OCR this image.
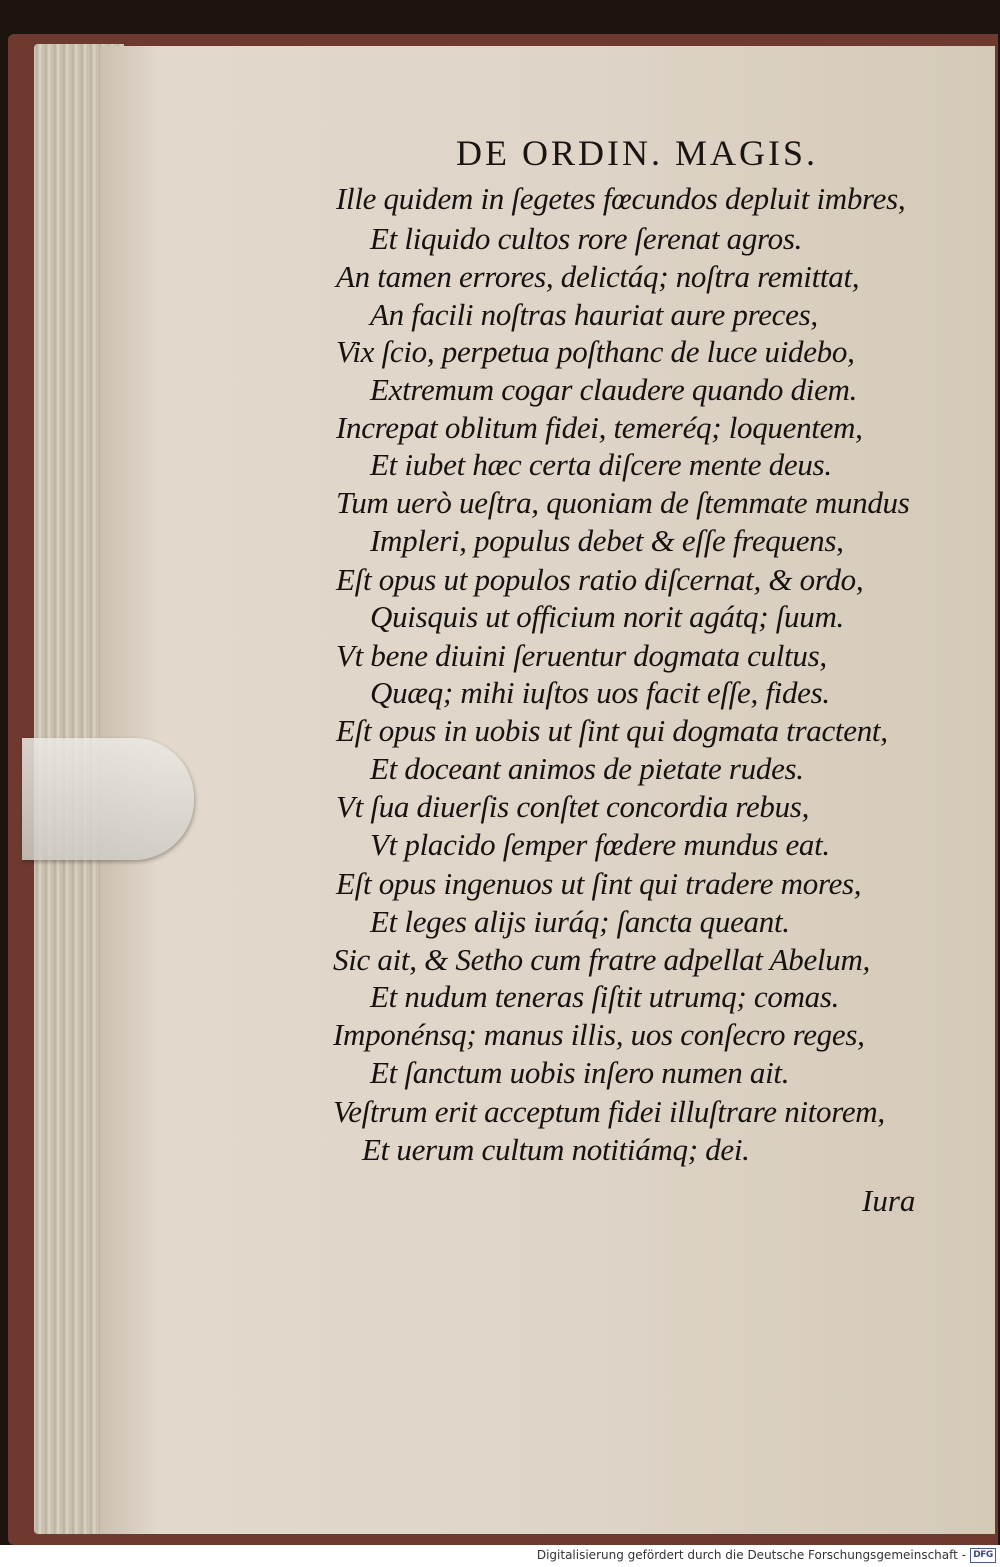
DE ORDIN. MAGIS.
Ille quidem in ſegetes fœcundos depluit imbres,
Et liquido cultos rore ſerenat agros.
An tamen errores, delictáq; noſtra remittat,
An facili noſtras hauriat aure preces,
Vix ſcio, perpetua poſthanc de luce uidebo,
Extremum cogar claudere quando diem.
Increpat oblitum fidei, temeréq; loquentem,
Et iubet hæc certa diſcere mente deus.
Tum uerò ueſtra, quoniam de ſtemmate mundus
Impleri, populus debet & eſſe frequens,
Eſt opus ut populos ratio diſcernat, & ordo,
Quisquis ut officium norit agátq; ſuum.
Vt bene diuini ſeruentur dogmata cultus,
Quæq; mihi iuſtos uos facit eſſe, fides.
Eſt opus in uobis ut ſint qui dogmata tractent,
Et doceant animos de pietate rudes.
Vt ſua diuerſis conſtet concordia rebus,
Vt placido ſemper fœdere mundus eat.
Eſt opus ingenuos ut ſint qui tradere mores,
Et leges alijs iuráq; ſancta queant.
Sic ait, & Setho cum fratre adpellat Abelum,
Et nudum teneras ſiſtit utrumq; comas.
Imponénsq; manus illis, uos conſecro reges,
Et ſanctum uobis inſero numen ait.
Veſtrum erit acceptum fidei illuſtrare nitorem,
Et uerum cultum notitiámq; dei.
Iura
Digitalisierung gefördert durch die Deutsche Forschungsgemeinschaft - DFG
